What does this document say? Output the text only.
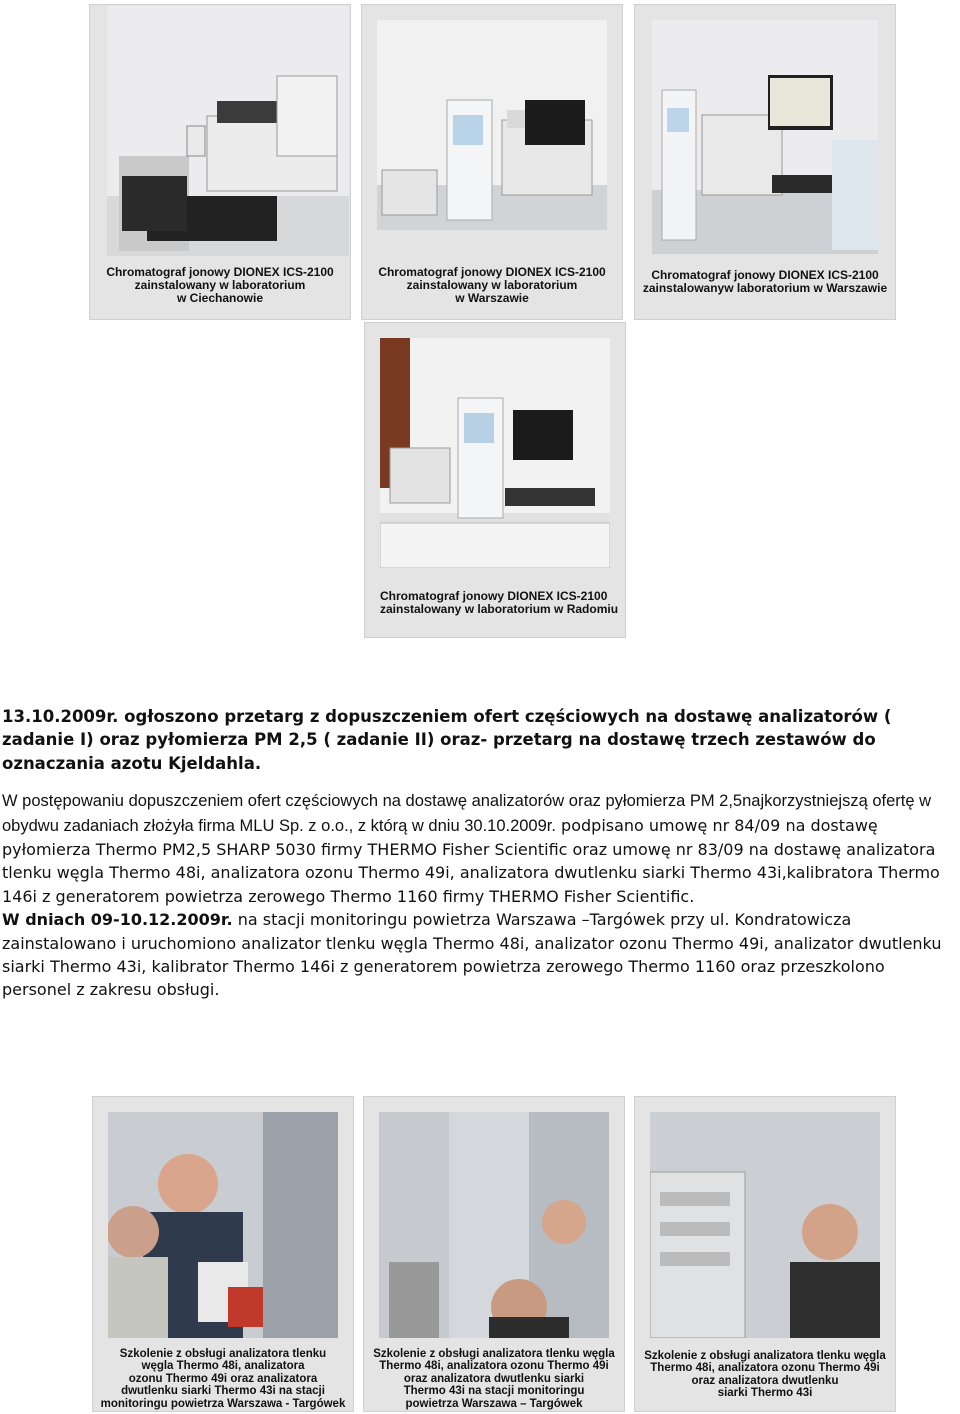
Chromatograf jonowy DIONEX ICS-2100
zainstalowany w laboratorium
w Ciechanowie
Chromatograf jonowy DIONEX ICS-2100
zainstalowany w laboratorium
w Warszawie
Chromatograf jonowy DIONEX ICS-2100
zainstalowanyw laboratorium w Warszawie
Chromatograf jonowy DIONEX ICS-2100
zainstalowany w laboratorium w Radomiu
13.10.2009r. ogłoszono przetarg z dopuszczeniem ofert częściowych na dostawę analizatorów ( zadanie I) oraz pyłomierza PM 2,5 ( zadanie II) oraz- przetarg na dostawę trzech zestawów do oznaczania azotu Kjeldahla.
W postępowaniu dopuszczeniem ofert częściowych na dostawę analizatorów oraz pyłomierza PM 2,5najkorzystniejszą ofertę w obydwu zadaniach złożyła firma MLU Sp. z o.o., z którą w dniu 30.10.2009r. podpisano umowę nr 84/09 na dostawę pyłomierza Thermo PM2,5 SHARP 5030 firmy THERMO Fisher Scientific oraz umowę nr 83/09 na dostawę analizatora tlenku węgla Thermo 48i, analizatora ozonu Thermo 49i, analizatora dwutlenku siarki Thermo 43i,kalibratora Thermo 146i z generatorem powietrza zerowego Thermo 1160 firmy THERMO Fisher Scientific.
W dniach 09-10.12.2009r. na stacji monitoringu powietrza Warszawa –Targówek przy ul. Kondratowicza zainstalowano i uruchomiono analizator tlenku węgla Thermo 48i, analizator ozonu Thermo 49i, analizator dwutlenku siarki Thermo 43i, kalibrator Thermo 146i z generatorem powietrza zerowego Thermo 1160 oraz przeszkolono personel z zakresu obsługi.
Szkolenie z obsługi analizatora tlenku
węgla Thermo 48i, analizatora
ozonu Thermo 49i oraz analizatora
dwutlenku siarki Thermo 43i na stacji
monitoringu powietrza Warszawa - Targówek
Szkolenie z obsługi analizatora tlenku węgla
Thermo 48i, analizatora ozonu Thermo 49i
oraz analizatora dwutlenku siarki
Thermo 43i na stacji monitoringu
powietrza Warszawa – Targówek
Szkolenie z obsługi analizatora tlenku węgla
Thermo 48i, analizatora ozonu Thermo 49i
oraz analizatora dwutlenku
siarki Thermo 43i
